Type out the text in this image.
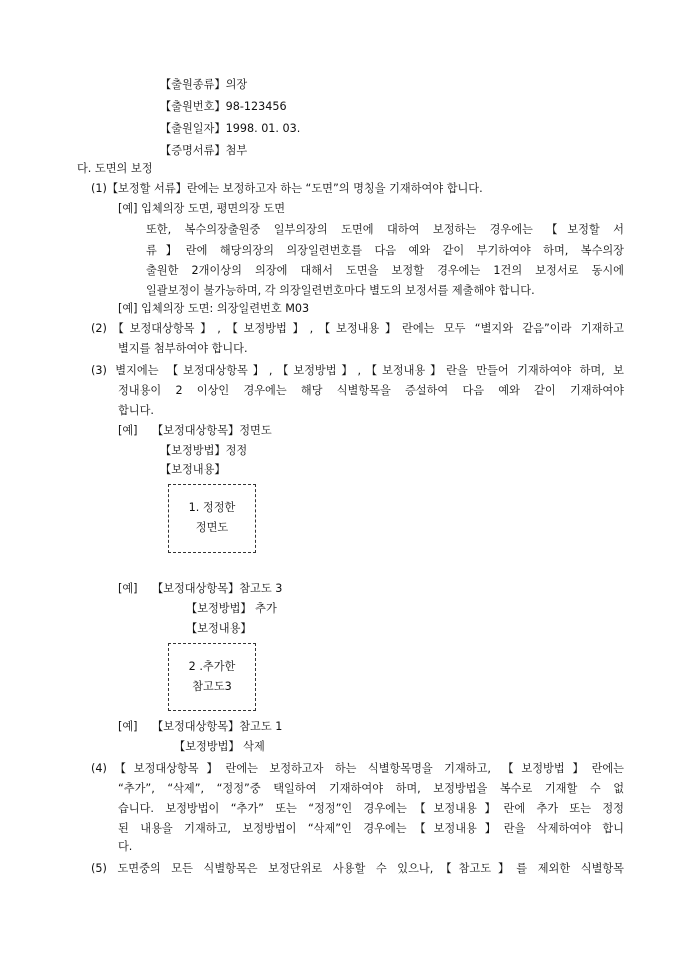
【출원종류】의장
【출원번호】98-123456
【출원일자】1998. 01. 03.
【증명서류】첨부
다. 도면의 보정
(1)【보정할 서류】란에는 보정하고자 하는 “도면”의 명칭을 기재하여야 합니다.
[예] 입체의장 도면, 평면의장 도면
또한, 복수의장출원중 일부의장의 도면에 대하여 보정하는 경우에는 【보정할 서
류】란에 해당의장의 의장일련번호를 다음 예와 같이 부기하여야 하며, 복수의장
출원한 2개이상의 의장에 대해서 도면을 보정할 경우에는 1건의 보정서로 동시에
일괄보정이 불가능하며, 각 의장일련번호마다 별도의 보정서를 제출해야 합니다.
[예] 입체의장 도면: 의장일련번호 M03
(2)【보정대상항목】,【보정방법】,【보정내용】란에는 모두 “별지와 같음”이라 기재하고
별지를 첨부하여야 합니다.
(3) 별지에는 【보정대상항목】,【보정방법】,【보정내용】란을 만들어 기재하여야 하며, 보
정내용이 2 이상인 경우에는 해당 식별항목을 증설하여 다음 예와 같이 기재하여야
합니다.
[예] 【보정대상항목】정면도
【보정방법】정정
【보정내용】
1. 정정한
정면도
[예] 【보정대상항목】참고도 3
【보정방법】 추가
【보정내용】
2 .추가한
참고도3
[예] 【보정대상항목】참고도 1
【보정방법】 삭제
(4)【보정대상항목】란에는 보정하고자 하는 식별항목명을 기재하고, 【보정방법】란에는
“추가”, “삭제”, “정정”중 택일하여 기재하여야 하며, 보정방법을 복수로 기재할 수 없
습니다. 보정방법이 “추가” 또는 “정정”인 경우에는【보정내용】란에 추가 또는 정정
된 내용을 기재하고, 보정방법이 “삭제”인 경우에는【보정내용】란을 삭제하여야 합니
다.
(5) 도면중의 모든 식별항목은 보정단위로 사용할 수 있으나,【참고도】를 제외한 식별항목
